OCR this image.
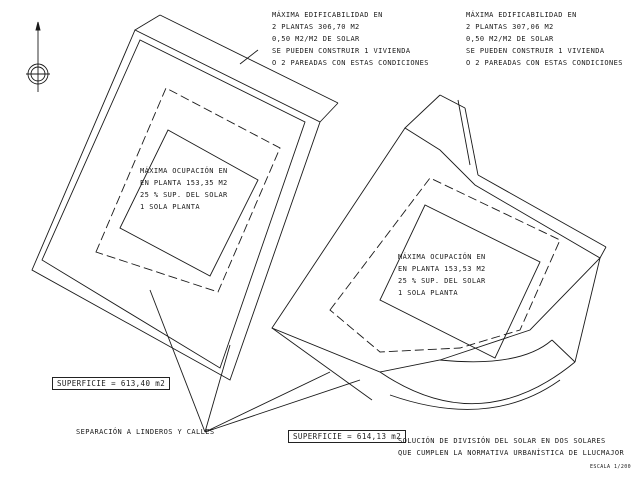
MÁXIMA EDIFICABILIDAD EN
2 PLANTAS 306,70 M2
0,50 M2/M2 DE SOLAR
SE PUEDEN CONSTRUIR 1 VIVIENDA
O 2 PAREADAS CON ESTAS CONDICIONES
MÁXIMA EDIFICABILIDAD EN
2 PLANTAS 307,06 M2
0,50 M2/M2 DE SOLAR
SE PUEDEN CONSTRUIR 1 VIVIENDA
O 2 PAREADAS CON ESTAS CONDICIONES
MÁXIMA OCUPACIÓN EN
EN PLANTA 153,35 M2
25 % SUP. DEL SOLAR
1 SOLA PLANTA
MÁXIMA OCUPACIÓN EN
EN PLANTA 153,53 M2
25 % SUP. DEL SOLAR
1 SOLA PLANTA
SUPERFICIE = 613,40 m2
SUPERFICIE = 614,13 m2
SEPARACIÓN A LINDEROS Y CALLES
SOLUCIÓN DE DIVISIÓN DEL SOLAR EN DOS SOLARES
QUE CUMPLEN LA NORMATIVA URBANÍSTICA DE LLUCMAJOR
ESCALA 1/200
